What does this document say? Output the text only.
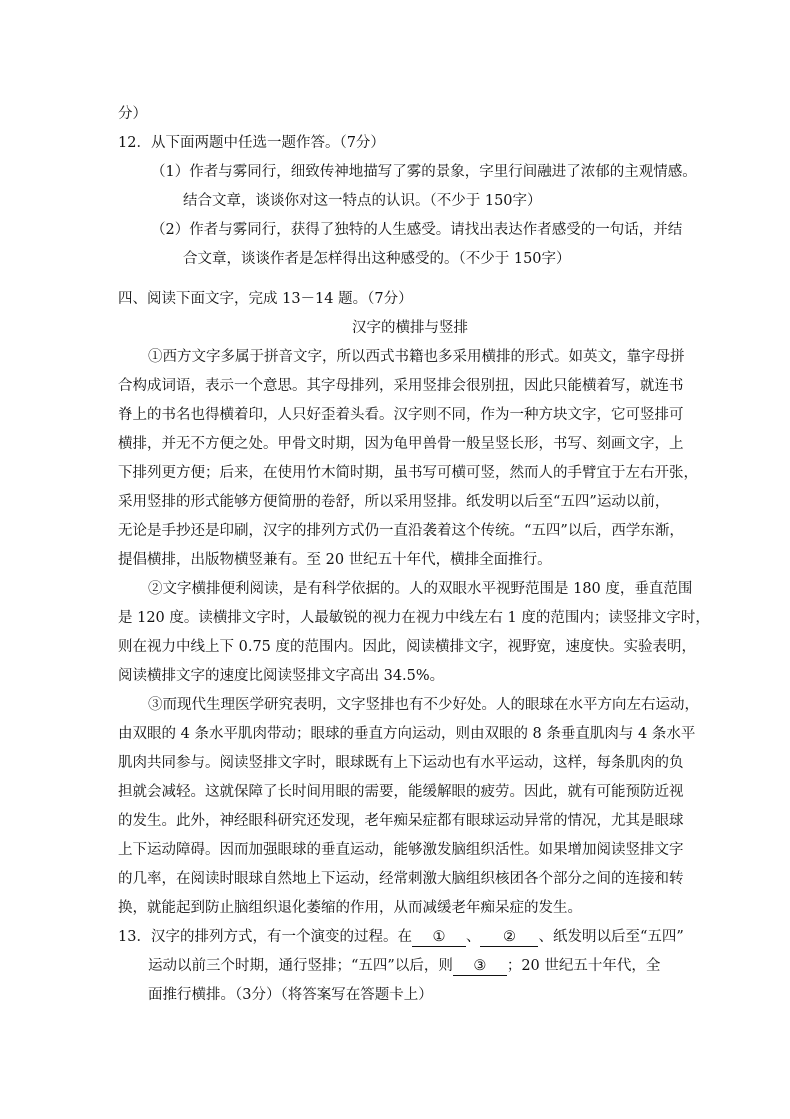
分）
12．从下面两题中任选一题作答。（7分）
（1）作者与雾同行，细致传神地描写了雾的景象，字里行间融进了浓郁的主观情感。
结合文章，谈谈你对这一特点的认识。（不少于 150字）
（2）作者与雾同行，获得了独特的人生感受。请找出表达作者感受的一句话，并结
合文章，谈谈作者是怎样得出这种感受的。（不少于 150字）
四、阅读下面文字，完成 13－14 题。（7分）
汉字的横排与竖排
①西方文字多属于拼音文字，所以西式书籍也多采用横排的形式。如英文，靠字母拼
合构成词语，表示一个意思。其字母排列，采用竖排会很别扭，因此只能横着写，就连书
脊上的书名也得横着印，人只好歪着头看。汉字则不同，作为一种方块文字，它可竖排可
横排，并无不方便之处。甲骨文时期，因为龟甲兽骨一般呈竖长形，书写、刻画文字，上
下排列更方便；后来，在使用竹木简时期，虽书写可横可竖，然而人的手臂宜于左右开张，
采用竖排的形式能够方便简册的卷舒，所以采用竖排。纸发明以后至“五四”运动以前，
无论是手抄还是印刷，汉字的排列方式仍一直沿袭着这个传统。“五四”以后，西学东渐，
提倡横排，出版物横竖兼有。至 20 世纪五十年代，横排全面推行。
②文字横排便利阅读，是有科学依据的。人的双眼水平视野范围是 180 度，垂直范围
是 120 度。读横排文字时，人最敏锐的视力在视力中线左右 1 度的范围内；读竖排文字时，
则在视力中线上下 0.75 度的范围内。因此，阅读横排文字，视野宽，速度快。实验表明，
阅读横排文字的速度比阅读竖排文字高出 34.5%。
③而现代生理医学研究表明，文字竖排也有不少好处。人的眼球在水平方向左右运动，
由双眼的 4 条水平肌肉带动；眼球的垂直方向运动，则由双眼的 8 条垂直肌肉与 4 条水平
肌肉共同参与。阅读竖排文字时，眼球既有上下运动也有水平运动，这样，每条肌肉的负
担就会减轻。这就保障了长时间用眼的需要，能缓解眼的疲劳。因此，就有可能预防近视
的发生。此外，神经眼科研究还发现，老年痴呆症都有眼球运动异常的情况，尤其是眼球
上下运动障碍。因而加强眼球的垂直运动，能够激发脑组织活性。如果增加阅读竖排文字
的几率，在阅读时眼球自然地上下运动，经常刺激大脑组织核团各个部分之间的连接和转
换，就能起到防止脑组织退化萎缩的作用，从而减缓老年痴呆症的发生。
13．汉字的排列方式，有一个演变的过程。在 ① 、 ② 、纸发明以后至“五四”
运动以前三个时期，通行竖排；“五四”以后，则 ③ ；20 世纪五十年代，全
面推行横排。（3分）（将答案写在答题卡上）
